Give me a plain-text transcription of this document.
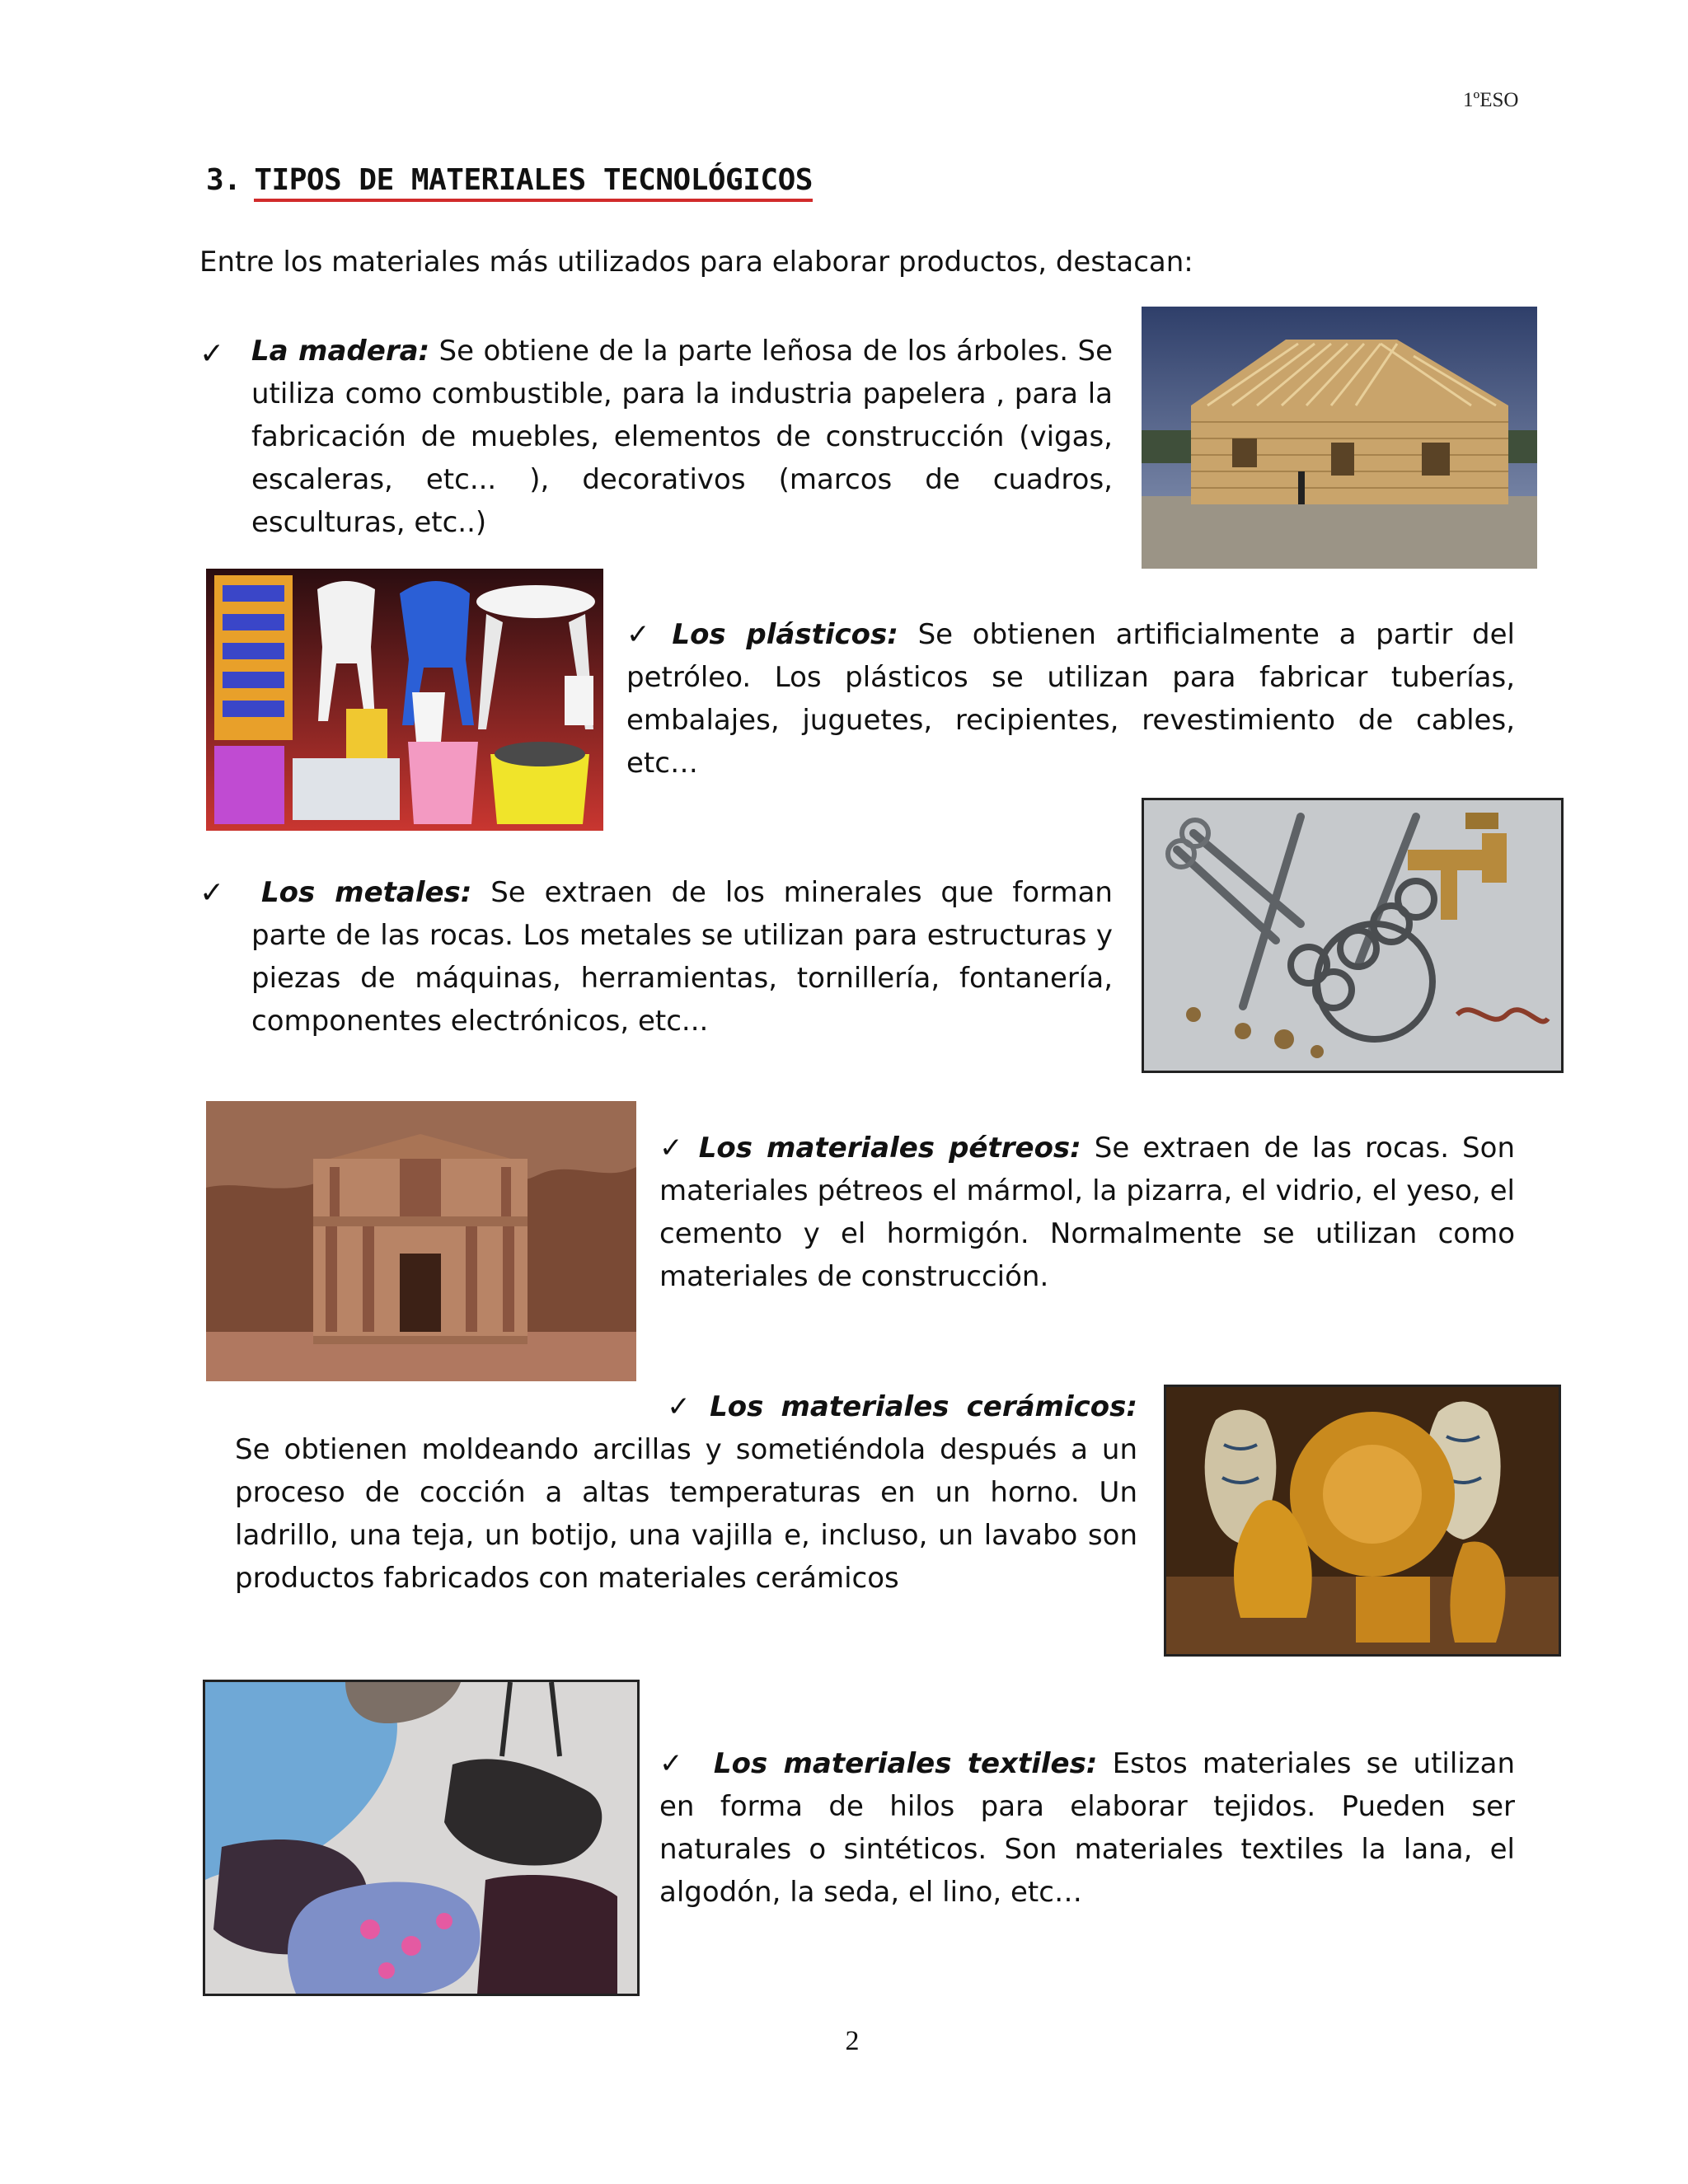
1ºESO
3. TIPOS DE MATERIALES TECNOLÓGICOS
Entre los materiales más utilizados para elaborar productos, destacan:
✓ La madera: Se obtiene de la parte leñosa de los árboles. Se utiliza como combustible, para la industria papelera , para la fabricación de muebles, elementos de construcción (vigas, escaleras, etc... ), decorativos (marcos de cuadros, esculturas, etc..)
✓ Los plásticos: Se obtienen artificialmente a partir del petróleo. Los plásticos se utilizan para fabricar tuberías, embalajes, juguetes, recipientes, revestimiento de cables, etc…
✓	Los metales: Se extraen de los minerales que forman parte de las rocas. Los metales se utilizan para estructuras y piezas de máquinas, herramientas, tornillería, fontanería, componentes electrónicos, etc...
✓ Los materiales pétreos: Se extraen de las rocas. Son materiales pétreos el mármol, la pizarra, el vidrio, el yeso, el cemento y el hormigón. Normalmente se utilizan como materiales de construcción.
✓ Los materiales cerámicos: Se obtienen moldeando arcillas y sometiéndola después a un proceso de cocción a altas temperaturas en un horno. Un ladrillo, una teja, un botijo, una vajilla e, incluso, un lavabo son productos fabricados con materiales cerámicos
✓ Los materiales textiles: Estos materiales se utilizan en forma de hilos para elaborar tejidos. Pueden ser naturales o sintéticos. Son materiales textiles la lana, el algodón, la seda, el lino, etc…
2
